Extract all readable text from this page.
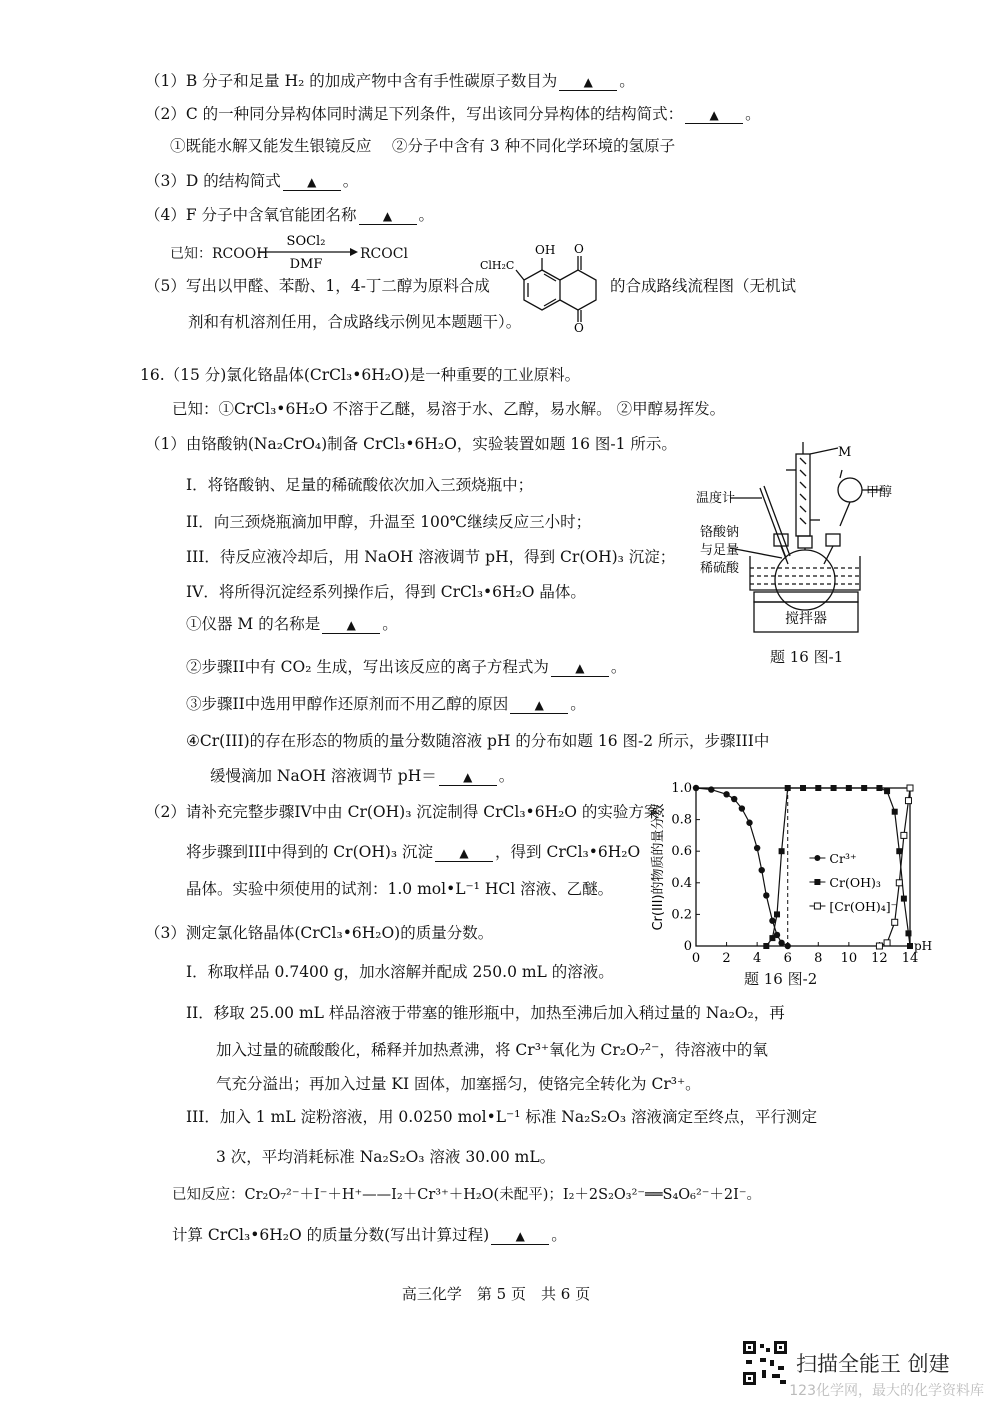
（1）B 分子和足量 H₂ 的加成产物中含有手性碳原子数目为 ▲ 。
（2）C 的一种同分异构体同时满足下列条件，写出该同分异构体的结构简式： ▲ 。
①既能水解又能发生银镜反应　 ②分子中含有 3 种不同化学环境的氢原子
（3）D 的结构简式 ▲ 。
（4）F 分子中含氧官能团名称 ▲ 。
已知：RCOOH
SOCl₂
DMF
RCOCl
（5）写出以甲醛、苯酚、1，4-丁二醇为原料合成	的合成路线流程图（无机试
剂和有机溶剂任用，合成路线示例见本题题干）。
OH O
O
ClH₂C
16.（15 分)氯化铬晶体(CrCl₃•6H₂O)是一种重要的工业原料。
已知：①CrCl₃•6H₂O 不溶于乙醚，易溶于水、乙醇，易水解。 ②甲醇易挥发。
（1）由铬酸钠(Na₂CrO₄)制备 CrCl₃•6H₂O，实验装置如题 16 图-1 所示。
I．将铬酸钠、足量的稀硫酸依次加入三颈烧瓶中；
II．向三颈烧瓶滴加甲醇，升温至 100℃继续反应三小时；
III．待反应液冷却后，用 NaOH 溶液调节 pH，得到 Cr(OH)₃ 沉淀；
IV．将所得沉淀经系列操作后，得到 CrCl₃•6H₂O 晶体。
①仪器 M 的名称是 ▲ 。
②步骤II中有 CO₂ 生成，写出该反应的离子方程式为 ▲ 。
③步骤II中选用甲醇作还原剂而不用乙醇的原因 ▲ 。
④Cr(III)的存在形态的物质的量分数随溶液 pH 的分布如题 16 图-2 所示，步骤III中
缓慢滴加 NaOH 溶液调节 pH＝ ▲ 。
（2）请补充完整步骤IV中由 Cr(OH)₃ 沉淀制得 CrCl₃•6H₂O 的实验方案：
将步骤到III中得到的 Cr(OH)₃ 沉淀 ▲ ，得到 CrCl₃•6H₂O
晶体。实验中须使用的试剂：1.0 mol•L⁻¹ HCl 溶液、乙醚。
（3）测定氯化铬晶体(CrCl₃•6H₂O)的质量分数。
I．称取样品 0.7400 g，加水溶解并配成 250.0 mL 的溶液。
II．移取 25.00 mL 样品溶液于带塞的锥形瓶中，加热至沸后加入稍过量的 Na₂O₂，再
加入过量的硫酸酸化，稀释并加热煮沸，将 Cr³⁺氧化为 Cr₂O₇²⁻，待溶液中的氧
气充分溢出；再加入过量 KI 固体，加塞摇匀，使铬完全转化为 Cr³⁺。
III．加入 1 mL 淀粉溶液，用 0.0250 mol•L⁻¹ 标准 Na₂S₂O₃ 溶液滴定至终点，平行测定
3 次，平均消耗标准 Na₂S₂O₃ 溶液 30.00 mL。
已知反应：Cr₂O₇²⁻＋I⁻＋H⁺——I₂＋Cr³⁺＋H₂O(未配平)；I₂＋2S₂O₃²⁻══S₄O₆²⁻＋2I⁻。
计算 CrCl₃•6H₂O 的质量分数(写出计算过程) ▲ 。
M
温度计	甲醇
铬酸钠
与足量
稀硫酸
搅拌器
题 16 图-1
0 2 4 6 8 10 12 14
0
0.2
0.4
0.6
0.8
1.0
pH
Cr(III)的物质的量分数	Cr³⁺
Cr(OH)₃
[Cr(OH)₄]⁻
题 16 图-2
高三化学　第 5 页　共 6 页
扫描全能王 创建
123化学网，最大的化学资料库
